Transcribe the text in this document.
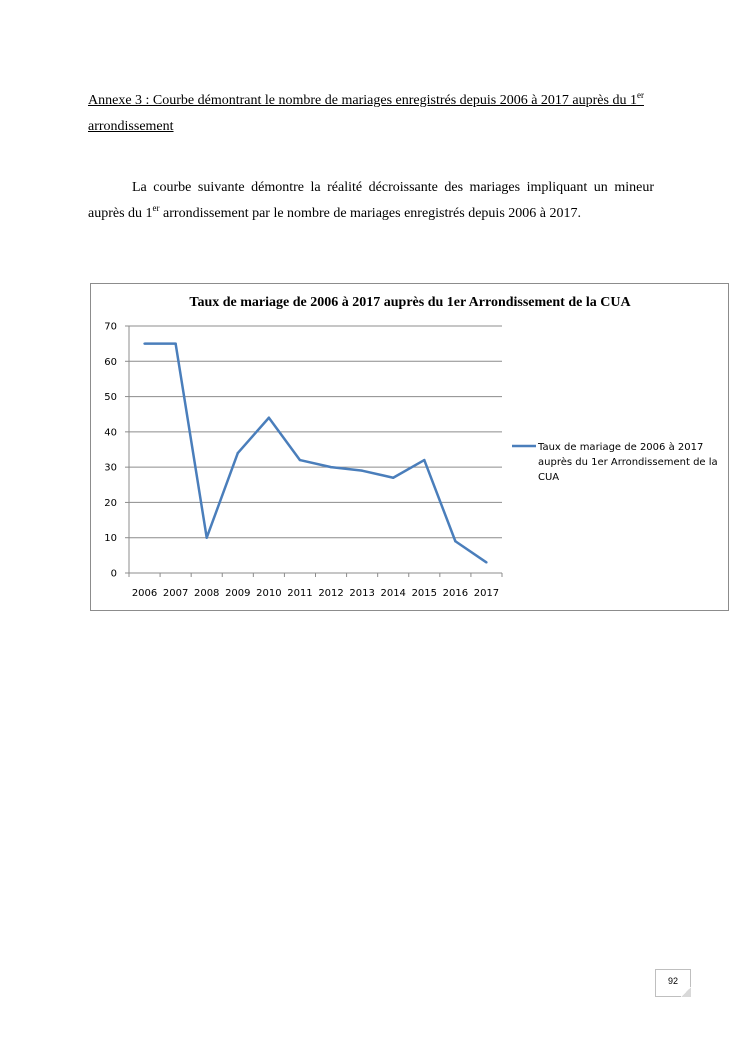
Annexe 3 : Courbe démontrant le nombre de mariages enregistrés depuis 2006 à 2017 auprès du 1er arrondissement
La courbe suivante démontre la réalité décroissante des mariages impliquant un mineur auprès du 1er arrondissement par le nombre de mariages enregistrés depuis 2006 à 2017.
Taux de mariage de 2006 à 2017 auprès du 1er Arrondissement de la CUA
0
10
20
30
40
50
60
70
2006 2007 2008 2009 2010 2011 2012 2013 2014 2015 2016 2017
Taux de mariage de 2006 à 2017
auprès du 1er Arrondissement de la
CUA
92
